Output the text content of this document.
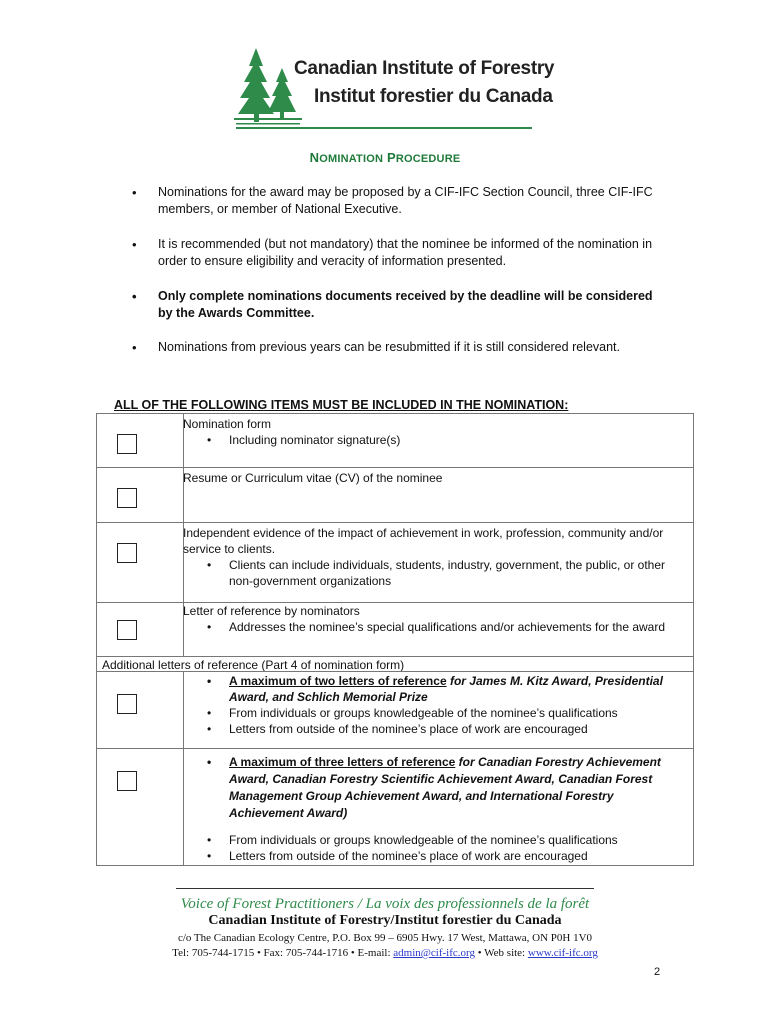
Canadian Institute of Forestry
Institut forestier du Canada
NOMINATION PROCEDURE
• Nominations for the award may be proposed by a CIF-IFC Section Council, three CIF-IFC members, or member of National Executive.
• It is recommended (but not mandatory) that the nominee be informed of the nomination in order to ensure eligibility and veracity of information presented.
• Only complete nominations documents received by the deadline will be considered by the Awards Committee.
• Nominations from previous years can be resubmitted if it is still considered relevant.
ALL OF THE FOLLOWING ITEMS MUST BE INCLUDED IN THE NOMINATION:
Nomination form
• Including nominator signature(s)
Resume or Curriculum vitae (CV) of the nominee
Independent evidence of the impact of achievement in work, profession, community and/or service to clients.
• Clients can include individuals, students, industry, government, the public, or other non-government organizations
Letter of reference by nominators
• Addresses the nominee’s special qualifications and/or achievements for the award
Additional letters of reference (Part 4 of nomination form)
• A maximum of two letters of reference for James M. Kitz Award, Presidential Award, and Schlich Memorial Prize
• From individuals or groups knowledgeable of the nominee’s qualifications
• Letters from outside of the nominee’s place of work are encouraged
• A maximum of three letters of reference for Canadian Forestry Achievement Award, Canadian Forestry Scientific Achievement Award, Canadian Forest Management Group Achievement Award, and International Forestry Achievement Award)
• From individuals or groups knowledgeable of the nominee’s qualifications
• Letters from outside of the nominee’s place of work are encouraged
Voice of Forest Practitioners / La voix des professionnels de la forêt
Canadian Institute of Forestry/Institut forestier du Canada
c/o The Canadian Ecology Centre, P.O. Box 99 – 6905 Hwy. 17 West, Mattawa, ON P0H 1V0
Tel: 705-744-1715 • Fax: 705-744-1716 • E-mail: admin@cif-ifc.org • Web site: www.cif-ifc.org
2
